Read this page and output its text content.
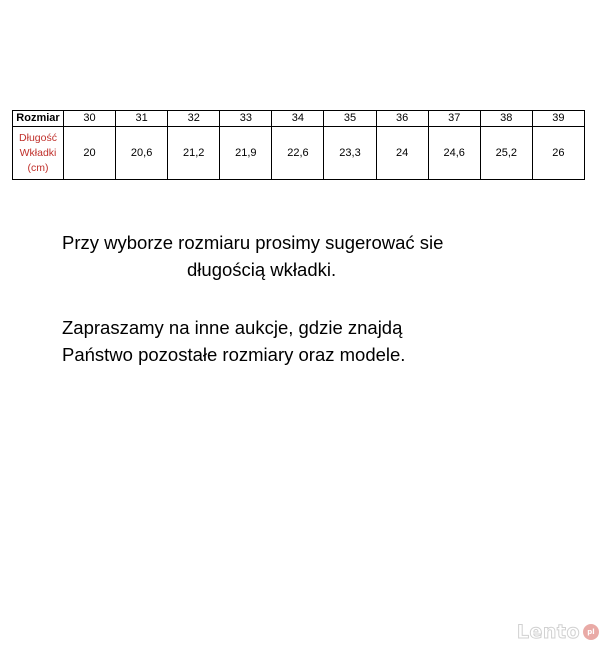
Rozmiar	30	31	32	33	34	35	36	37	38	39

Długość
Wkładki
(cm)	20	20,6	21,2	21,9	22,6	23,3	24	24,6	25,2	26
Przy wyborze rozmiaru prosimy sugerować sie
długością wkładki.
Zapraszamy na inne aukcje, gdzie znajdą
Państwo pozostałe rozmiary oraz modele.
Lento	pl
